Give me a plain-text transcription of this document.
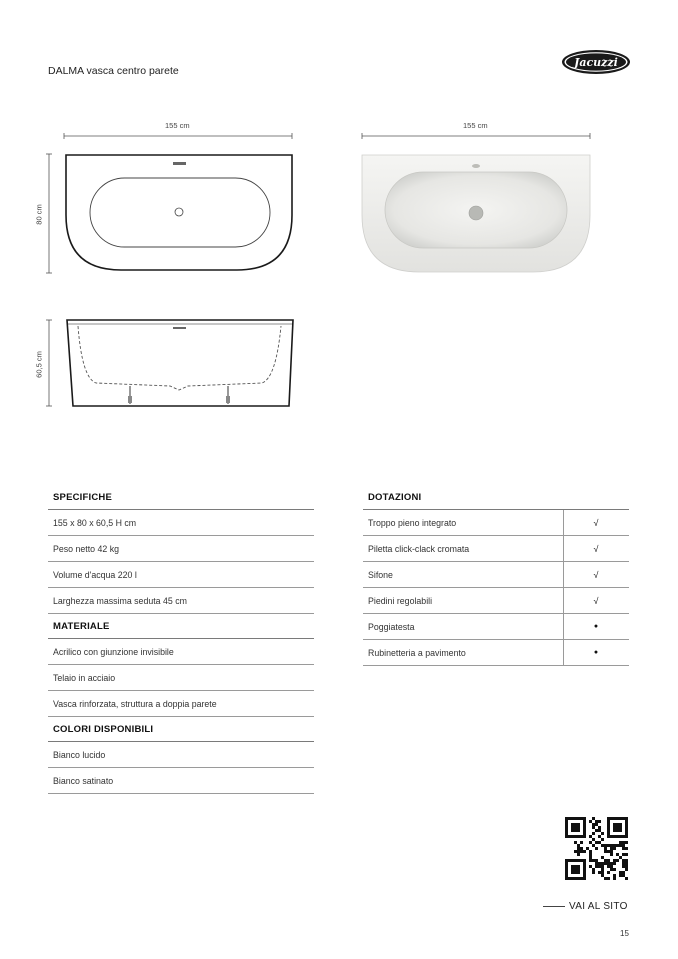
DALMA vasca centro parete
Jacuzzi
155 cm	155 cm
80 cm
60,5 cm
SPECIFICHE
155 x 80 x 60,5 H cm
Peso netto 42 kg
Volume d'acqua 220 l
Larghezza massima seduta 45 cm
MATERIALE
Acrilico con giunzione invisibile
Telaio in acciaio
Vasca rinforzata, struttura a doppia parete
COLORI DISPONIBILI
Bianco lucido
Bianco satinato
DOTAZIONI
Troppo pieno integrato	√
Piletta click-clack cromata	√
Sifone	√
Piedini regolabili	√
Poggiatesta	●
Rubinetteria a pavimento	●
VAI AL SITO
15
